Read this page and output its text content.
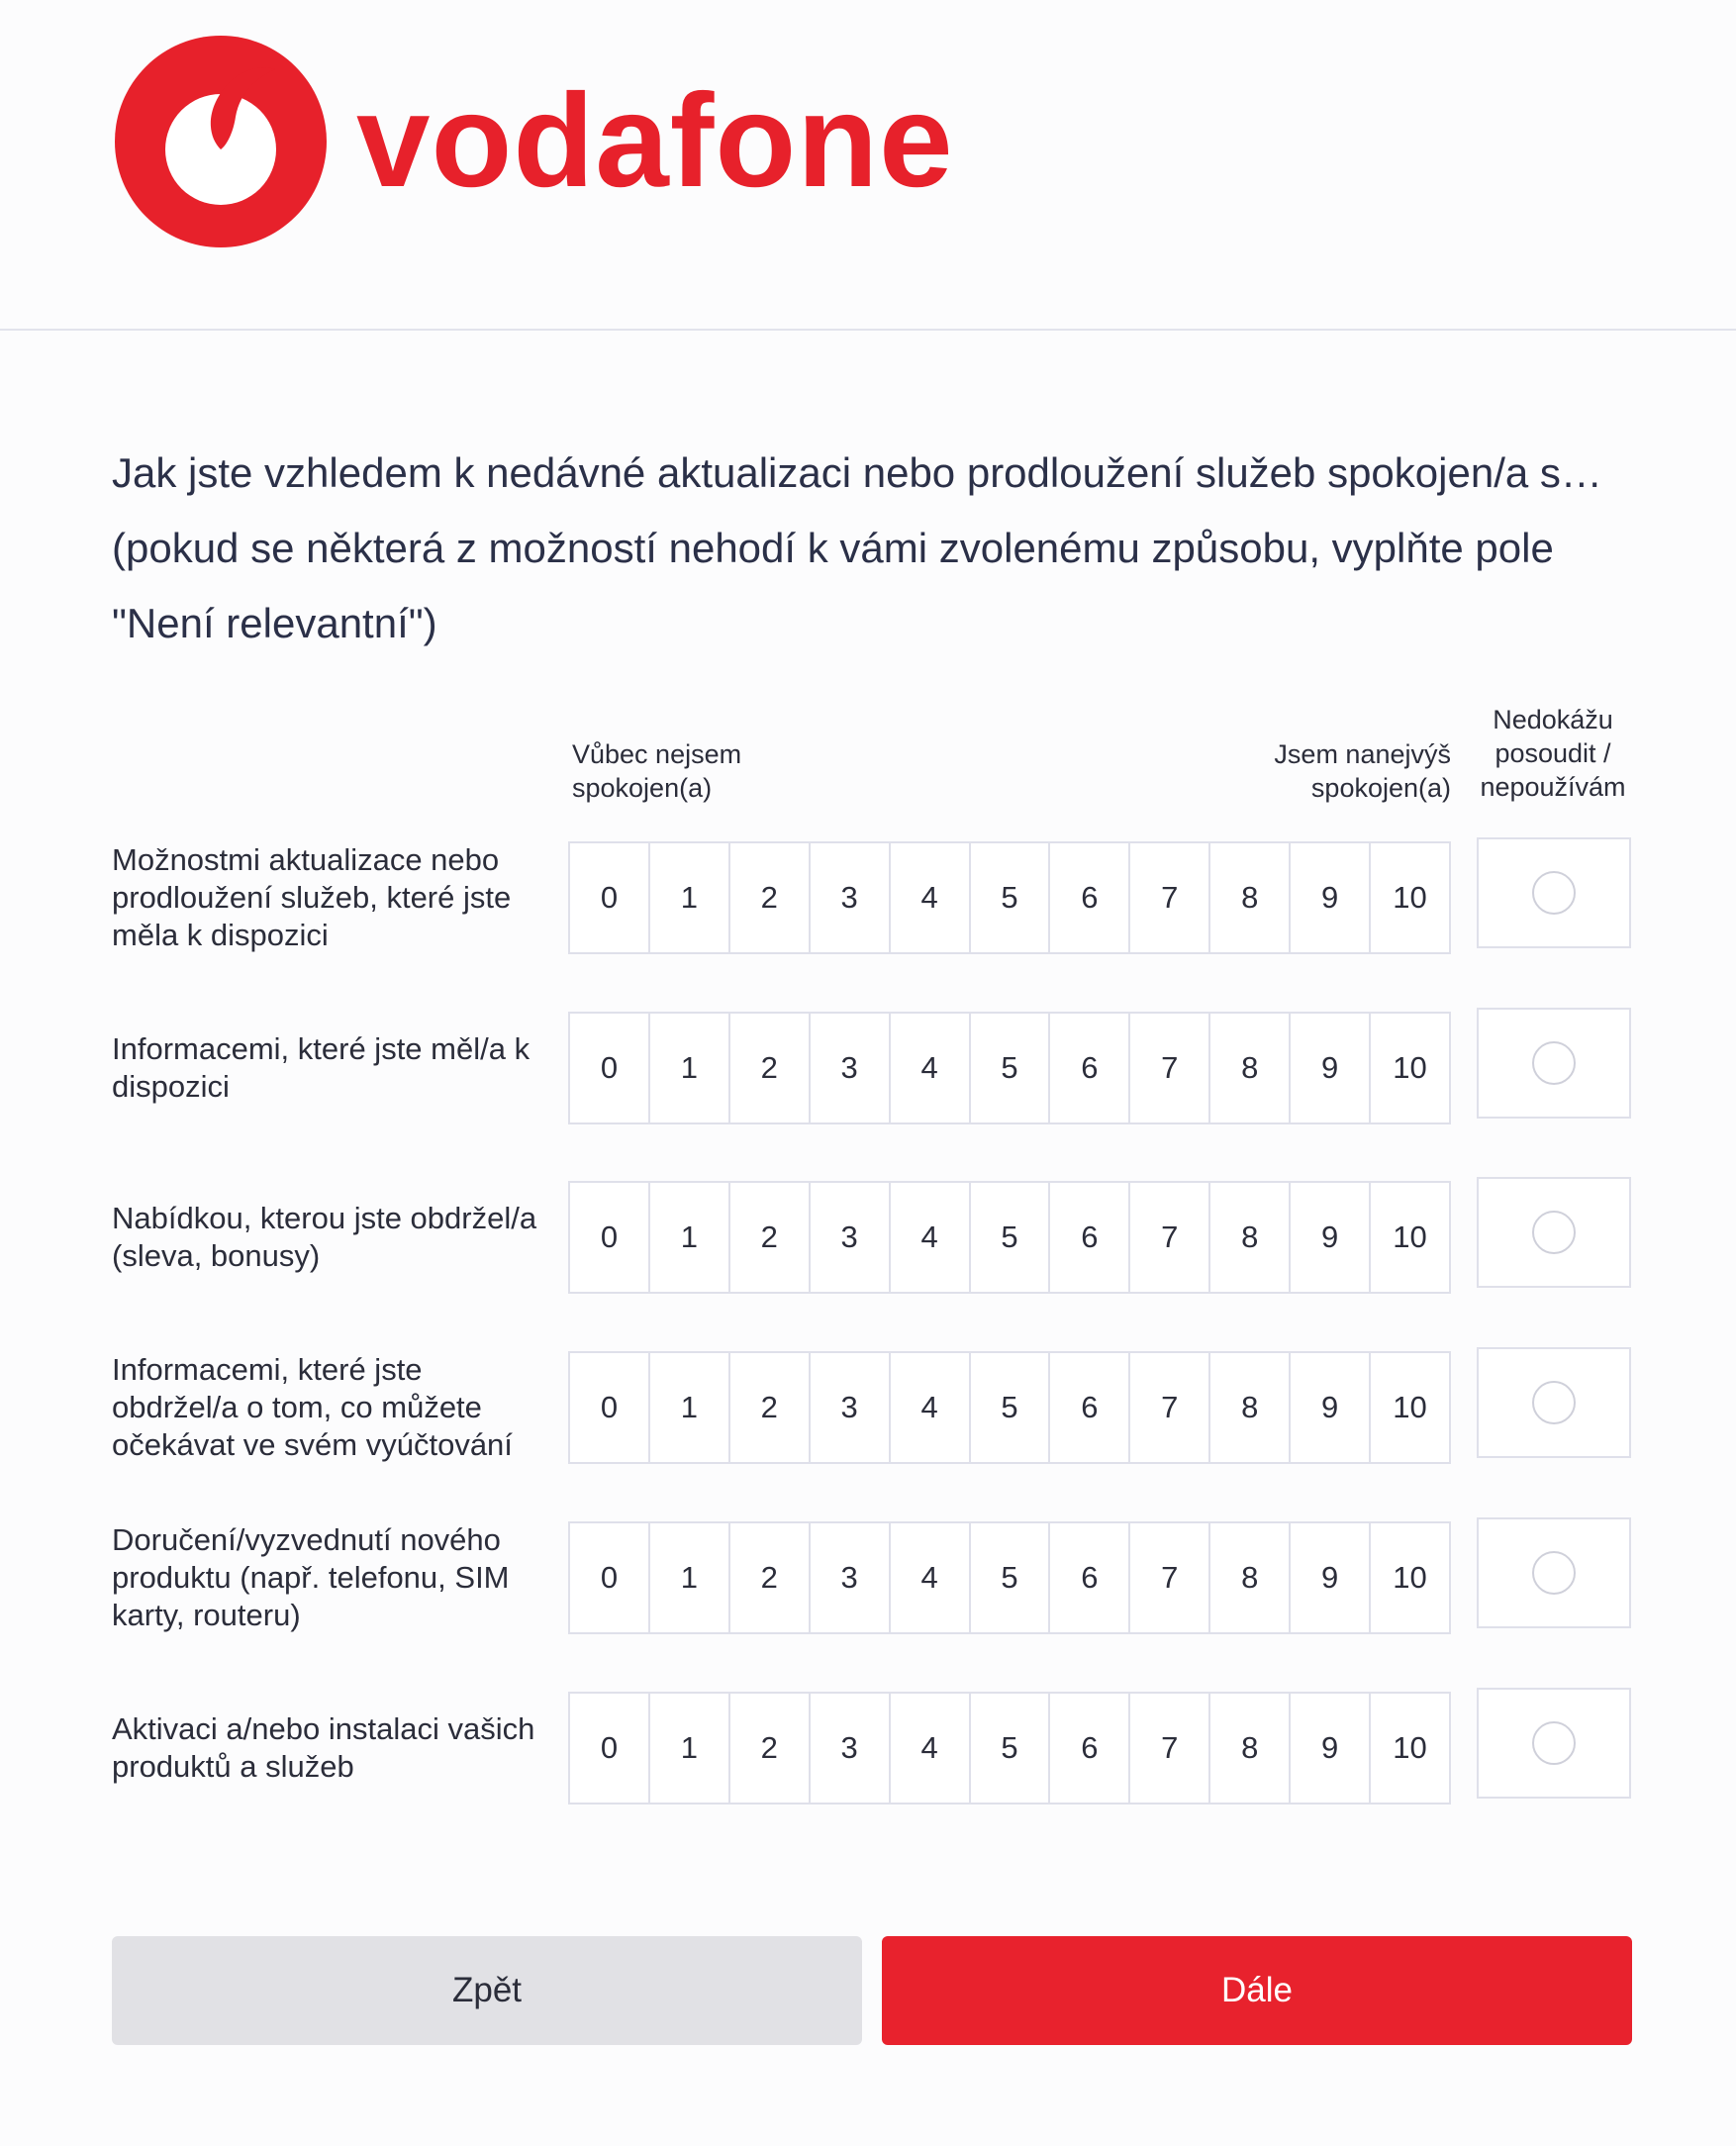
vodafone

Jak jste vzhledem k nedávné aktualizaci nebo prodloužení služeb spokojen/a s… (pokud se některá z možností nehodí k vámi zvolenému způsobu, vyplňte pole "Není relevantní")

Vůbec nejsem spokojen(a)
Jsem nanejvýš spokojen(a)
Nedokážu posoudit / nepoužívám
Možnostmi aktualizace nebo prodloužení služeb, které jste měla k dispozici
0	1	2	3	4	5	6	7	8	9	10
Informacemi, které jste měl/a k dispozici
0	1	2	3	4	5	6	7	8	9	10
Nabídkou, kterou jste obdržel/a (sleva, bonusy)
0	1	2	3	4	5	6	7	8	9	10
Informacemi, které jste obdržel/a o tom, co můžete očekávat ve svém vyúčtování
0	1	2	3	4	5	6	7	8	9	10
Doručení/vyzvednutí nového produktu (např. telefonu, SIM karty, routeru)
0	1	2	3	4	5	6	7	8	9	10
Aktivaci a/nebo instalaci vašich produktů a služeb
0	1	2	3	4	5	6	7	8	9	10
Zpět	Dále
